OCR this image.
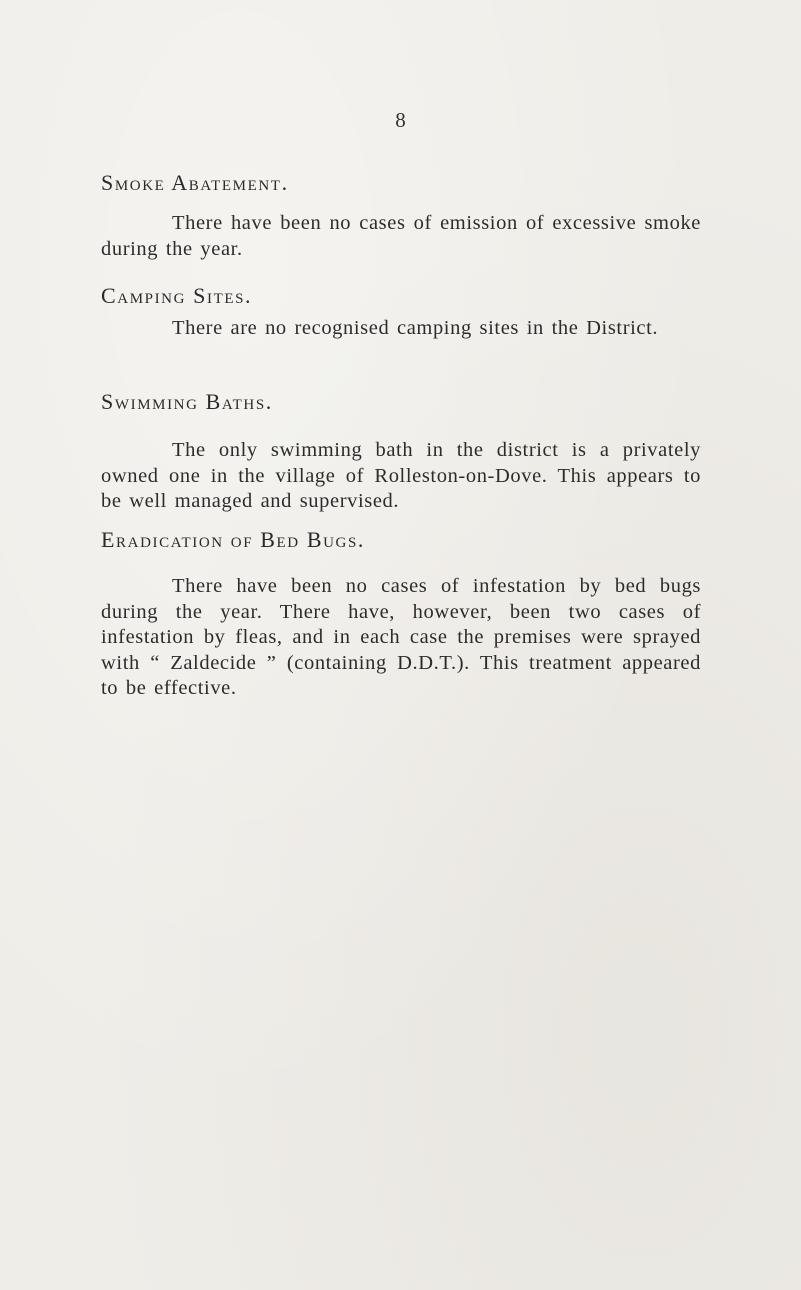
8
Smoke Abatement.

There have been no cases of emission of excessive smoke during the year.

Camping Sites.

There are no recognised camping sites in the District.

Swimming Baths.

The only swimming bath in the district is a privately owned one in the village of Rolleston-on-Dove. This appears to be well managed and supervised.

Eradication of Bed Bugs.

There have been no cases of infestation by bed bugs during the year. There have, however, been two cases of infestation by fleas, and in each case the premises were sprayed with “ Zaldecide ” (containing D.D.T.). This treatment appeared to be effective.
